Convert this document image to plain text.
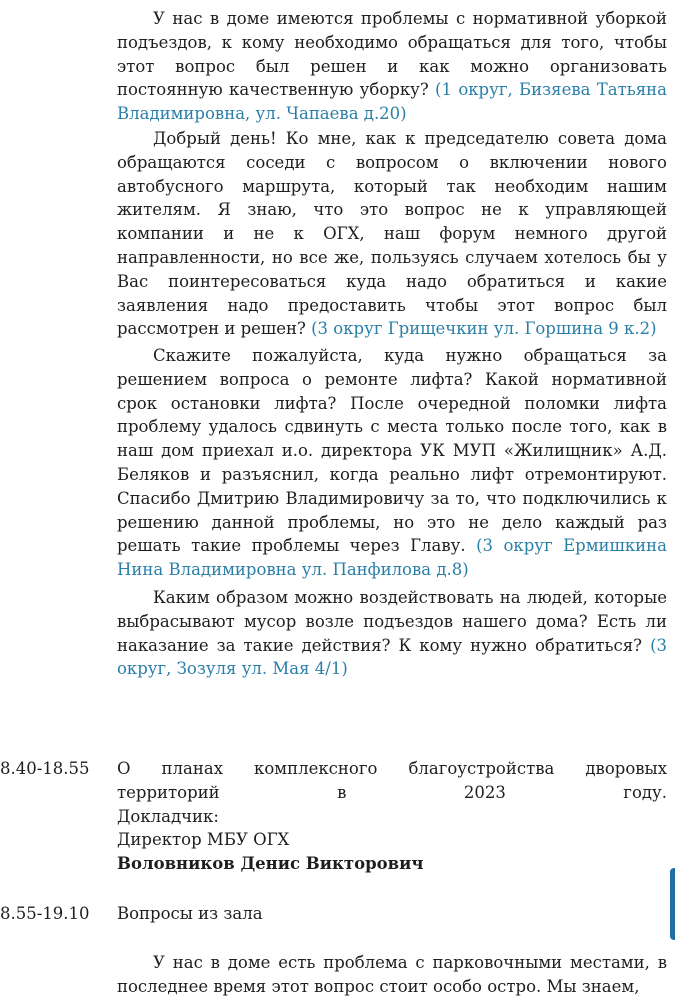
У нас в доме имеются проблемы с нормативной уборкой подъездов, к кому необходимо обращаться для того, чтобы этот вопрос был решен и как можно организовать постоянную качественную уборку? (1 округ, Бизяева Татьяна Владимировна, ул. Чапаева д.20)
Добрый день! Ко мне, как к председателю совета дома обращаются соседи с вопросом о включении нового автобусного маршрута, который так необходим нашим жителям. Я знаю, что это вопрос не к управляющей компании и не к ОГХ, наш форум немного другой направленности, но все же, пользуясь случаем хотелось бы у Вас поинтересоваться куда надо обратиться и какие заявления надо предоставить чтобы этот вопрос был рассмотрен и решен? (3 округ Грищечкин ул. Горшина 9 к.2)
Скажите пожалуйста, куда нужно обращаться за решением вопроса о ремонте лифта? Какой нормативной срок остановки лифта? После очередной поломки лифта проблему удалось сдвинуть с места только после того, как в наш дом приехал и.о. директора УК МУП «Жилищник» А.Д. Беляков и разъяснил, когда реально лифт отремонтируют. Спасибо Дмитрию Владимировичу за то, что подключились к решению данной проблемы, но это не дело каждый раз решать такие проблемы через Главу. (3 округ Ермишкина Нина Владимировна ул. Панфилова д.8)
Каким образом можно воздействовать на людей, которые выбрасывают мусор возле подъездов нашего дома? Есть ли наказание за такие действия? К кому нужно обратиться? (3 округ, Зозуля ул. Мая 4/1)
8.40-18.55 О планах комплексного благоустройства дворовых территорий в 2023 году.
Докладчик:
Директор МБУ ОГХ
Воловников Денис Викторович
8.55-19.10 Вопросы из зала
У нас в доме есть проблема с парковочными местами, в последнее время этот вопрос стоит особо остро. Мы знаем,
